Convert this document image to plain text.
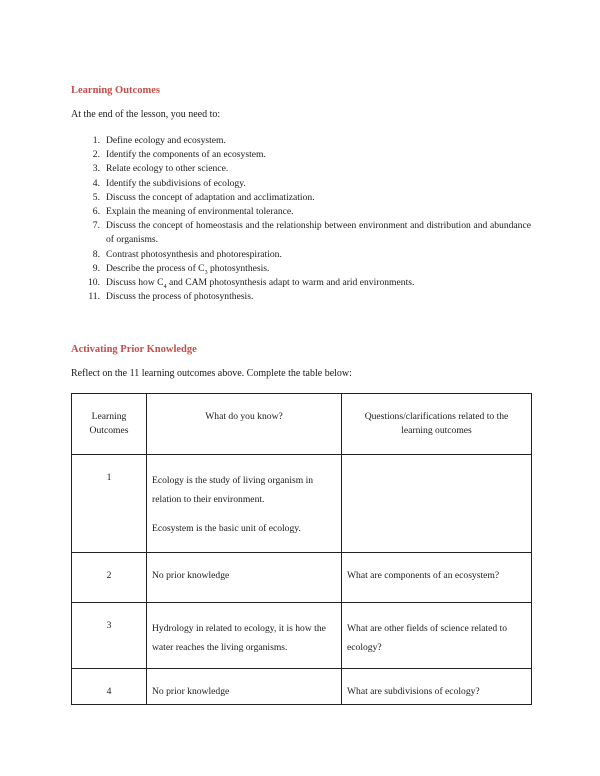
Learning Outcomes
At the end of the lesson, you need to:
1. Define ecology and ecosystem.
2. Identify the components of an ecosystem.
3. Relate ecology to other science.
4. Identify the subdivisions of ecology.
5. Discuss the concept of adaptation and acclimatization.
6. Explain the meaning of environmental tolerance.
7. Discuss the concept of homeostasis and the relationship between environment and distribution and abundance of organisms.
8. Contrast photosynthesis and photorespiration.
9. Describe the process of $C_3$ photosynthesis.
10. Discuss how $C_4$ and CAM photosynthesis adapt to warm and arid environments.
11. Discuss the process of photosynthesis.
Activating Prior Knowledge
Reflect on the 11 learning outcomes above. Complete the table below:
Learning Outcomes	What do you know?	Questions/clarifications related to the learning outcomes
1	Ecology is the study of living organism in relation to their environment.

Ecosystem is the basic unit of ecology.	

2	No prior knowledge	What are components of an ecosystem?
3	Hydrology in related to ecology, it is how the water reaches the living organisms.	What are other fields of science related to ecology?

4	No prior knowledge	What are subdivisions of ecology?
